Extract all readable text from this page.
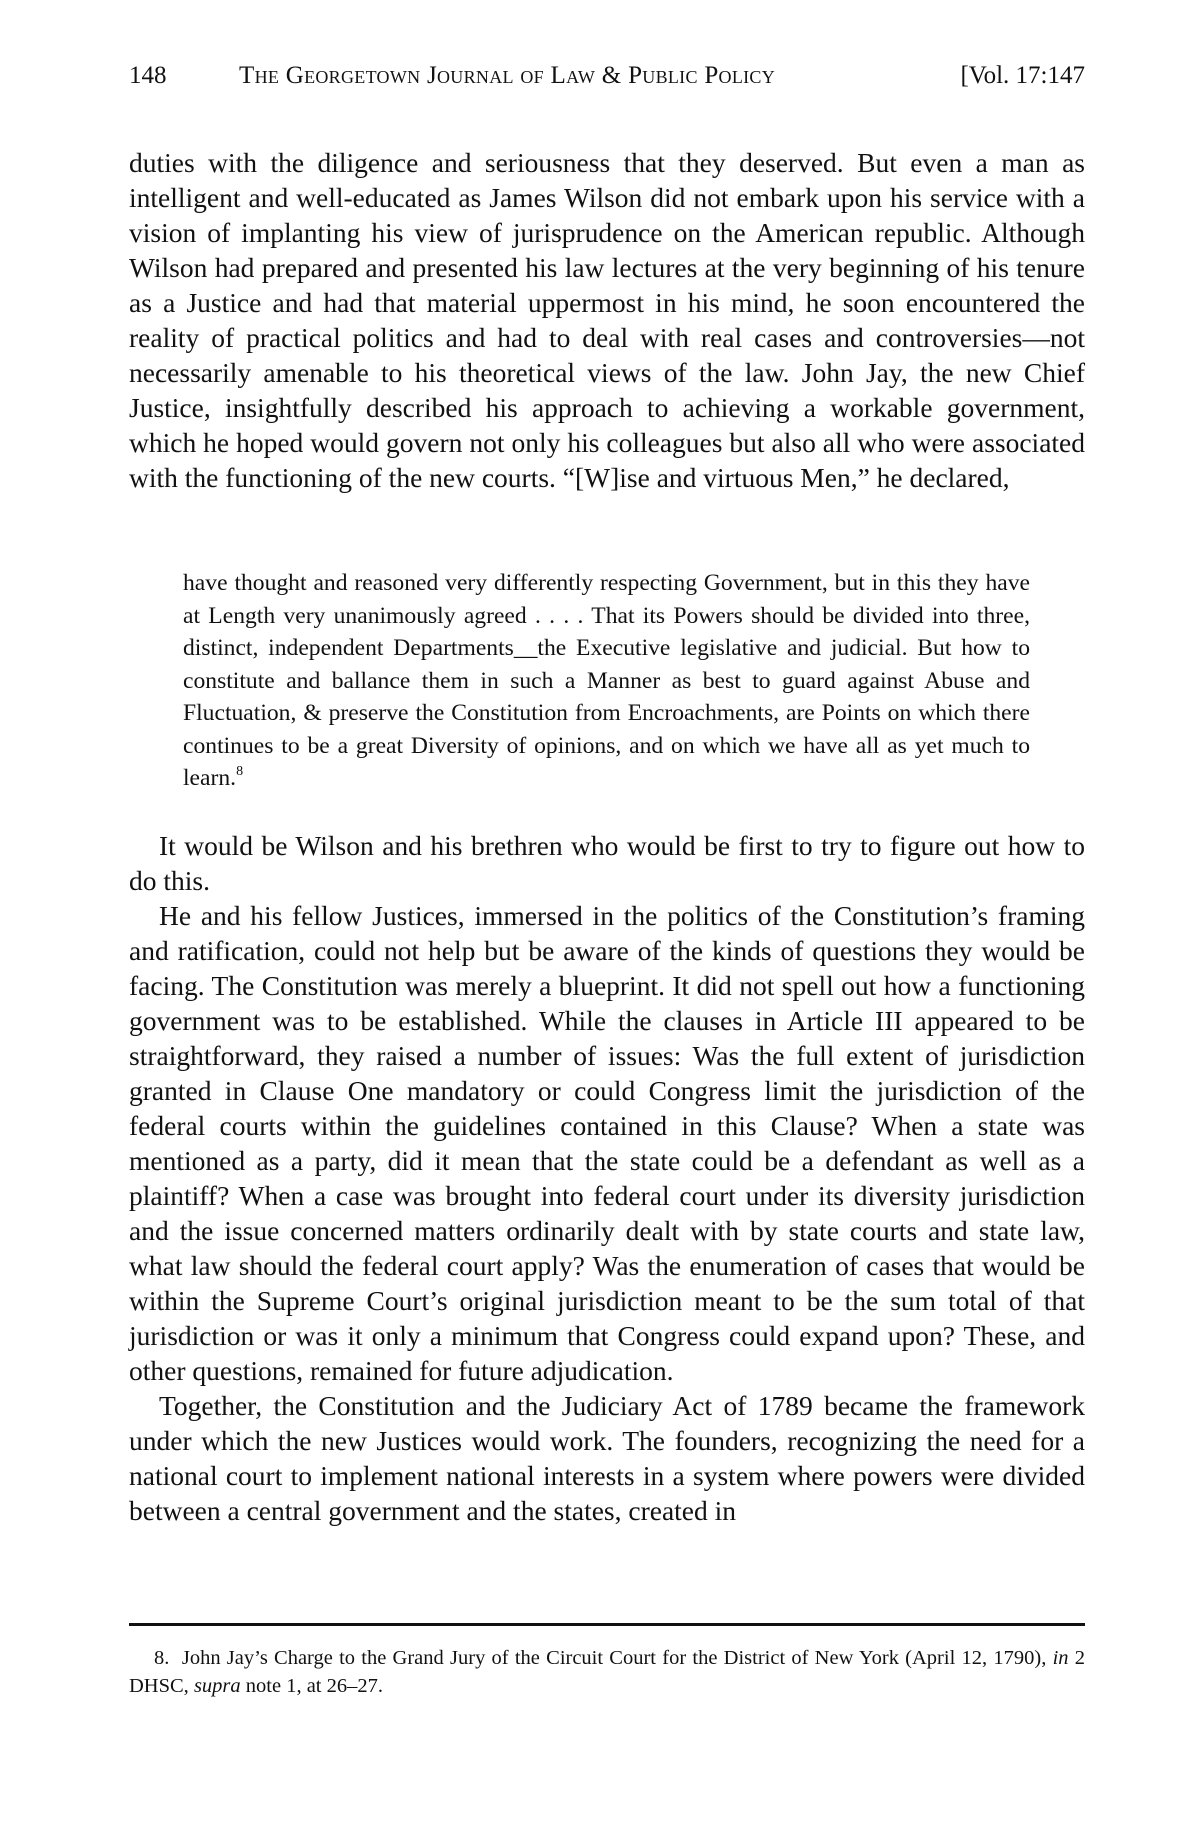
148	The Georgetown Journal of Law & Public Policy	[Vol. 17:147

duties with the diligence and seriousness that they deserved. But even a man as intelligent and well-educated as James Wilson did not embark upon his service with a vision of implanting his view of jurisprudence on the American republic. Although Wilson had prepared and presented his law lectures at the very beginning of his tenure as a Justice and had that material uppermost in his mind, he soon encountered the reality of practical politics and had to deal with real cases and controversies—not necessarily amenable to his theoretical views of the law. John Jay, the new Chief Justice, insightfully described his approach to achieving a workable government, which he hoped would govern not only his colleagues but also all who were associated with the functioning of the new courts. “[W]ise and virtuous Men,” he declared,

have thought and reasoned very differently respecting Government, but in this they have at Length very unanimously agreed . . . . That its Powers should be divided into three, distinct, independent Departments__the Executive legislative and judicial. But how to constitute and ballance them in such a Manner as best to guard against Abuse and Fluctuation, & preserve the Constitution from Encroachments, are Points on which there continues to be a great Diversity of opinions, and on which we have all as yet much to learn.$^8$

It would be Wilson and his brethren who would be first to try to figure out how to do this.

He and his fellow Justices, immersed in the politics of the Constitution’s framing and ratification, could not help but be aware of the kinds of questions they would be facing. The Constitution was merely a blueprint. It did not spell out how a functioning government was to be established. While the clauses in Article III appeared to be straightforward, they raised a number of issues: Was the full extent of jurisdiction granted in Clause One mandatory or could Congress limit the jurisdiction of the federal courts within the guidelines contained in this Clause? When a state was mentioned as a party, did it mean that the state could be a defendant as well as a plaintiff? When a case was brought into federal court under its diversity jurisdiction and the issue concerned matters ordinarily dealt with by state courts and state law, what law should the federal court apply? Was the enumeration of cases that would be within the Supreme Court’s original jurisdiction meant to be the sum total of that jurisdiction or was it only a minimum that Congress could expand upon? These, and other questions, remained for future adjudication.

Together, the Constitution and the Judiciary Act of 1789 became the framework under which the new Justices would work. The founders, recognizing the need for a national court to implement national interests in a system where powers were divided between a central government and the states, created in

8. John Jay’s Charge to the Grand Jury of the Circuit Court for the District of New York (April 12, 1790), in 2 DHSC, supra note 1, at 26–27.
